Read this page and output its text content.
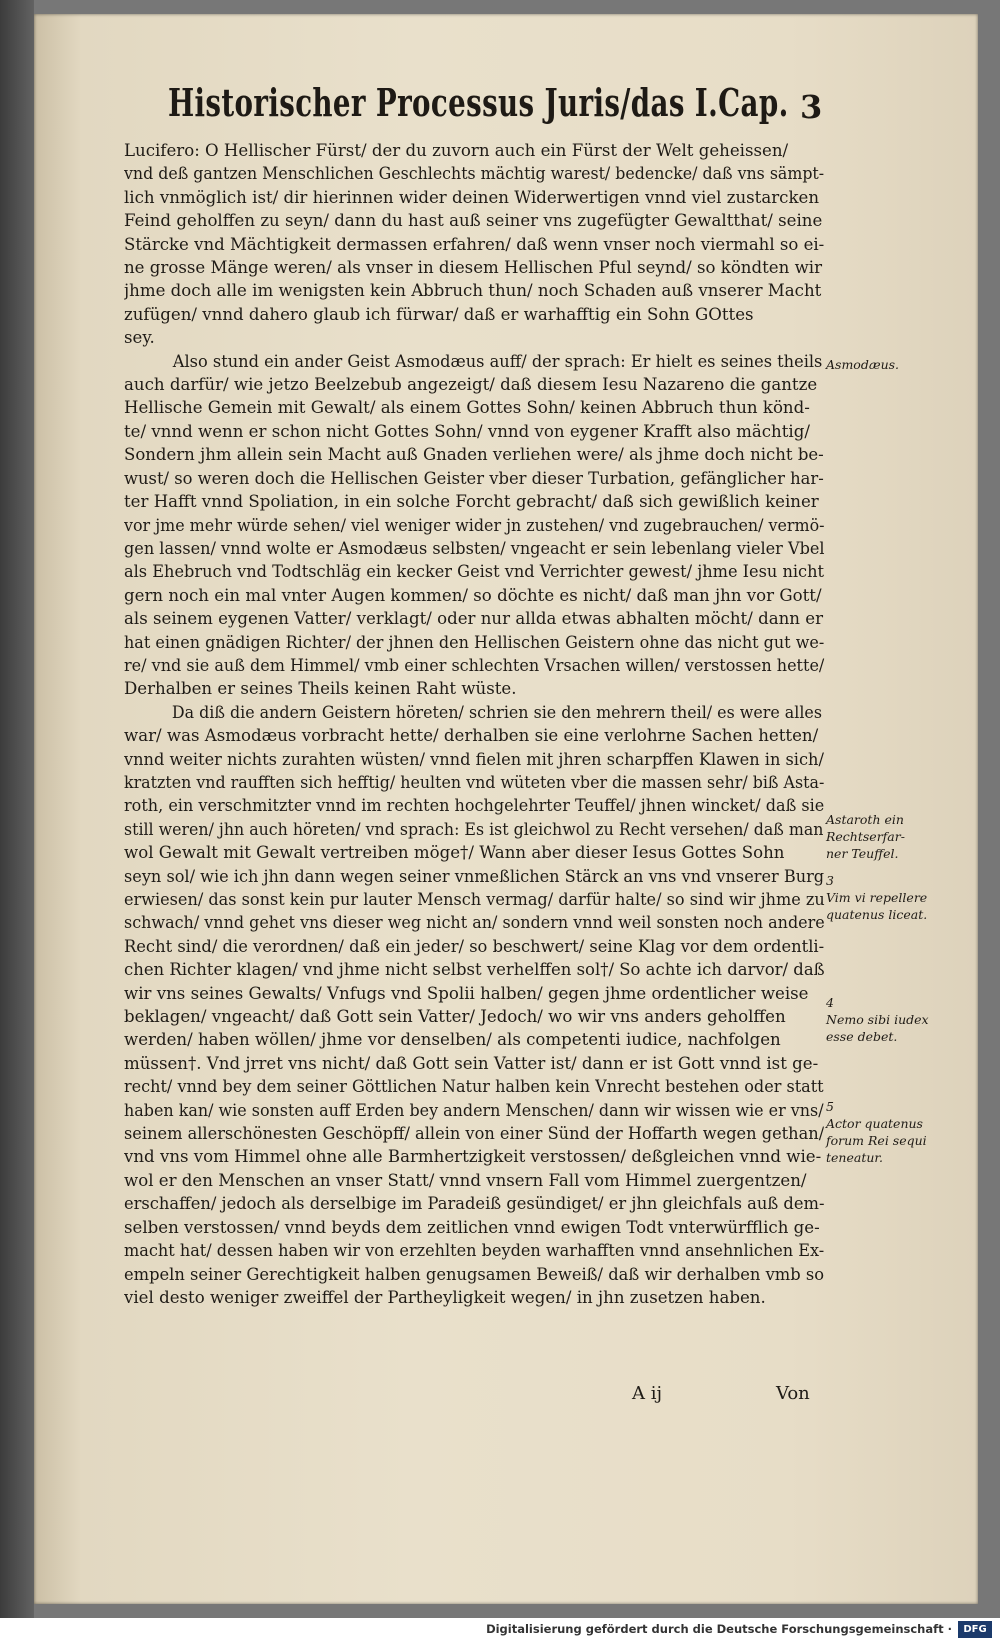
Historischer Processus Juris/das I.Cap. 3
Lucifero: O Hellischer Fürst/ der du zuvorn auch ein Fürst der Welt geheissen/
vnd deß gantzen Menschlichen Geschlechts mächtig warest/ bedencke/ daß vns sämpt-
lich vnmöglich ist/ dir hierinnen wider deinen Widerwertigen vnnd viel zustarcken
Feind geholffen zu seyn/ dann du hast auß seiner vns zugefügter Gewaltthat/ seine
Stärcke vnd Mächtigkeit dermassen erfahren/ daß wenn vnser noch viermahl so ei-
ne grosse Mänge weren/ als vnser in diesem Hellischen Pful seynd/ so köndten wir
jhme doch alle im wenigsten kein Abbruch thun/ noch Schaden auß vnserer Macht
zufügen/ vnnd dahero glaub ich fürwar/ daß er warhafftig ein Sohn GOttes
sey.
Also stund ein ander Geist Asmodæus auff/ der sprach: Er hielt es seines theils
auch darfür/ wie jetzo Beelzebub angezeigt/ daß diesem Iesu Nazareno die gantze
Hellische Gemein mit Gewalt/ als einem Gottes Sohn/ keinen Abbruch thun könd-
te/ vnnd wenn er schon nicht Gottes Sohn/ vnnd von eygener Krafft also mächtig/
Sondern jhm allein sein Macht auß Gnaden verliehen were/ als jhme doch nicht be-
wust/ so weren doch die Hellischen Geister vber dieser Turbation, gefänglicher har-
ter Hafft vnnd Spoliation, in ein solche Forcht gebracht/ daß sich gewißlich keiner
vor jme mehr würde sehen/ viel weniger wider jn zustehen/ vnd zugebrauchen/ vermö-
gen lassen/ vnnd wolte er Asmodæus selbsten/ vngeacht er sein lebenlang vieler Vbel
als Ehebruch vnd Todtschläg ein kecker Geist vnd Verrichter gewest/ jhme Iesu nicht
gern noch ein mal vnter Augen kommen/ so döchte es nicht/ daß man jhn vor Gott/
als seinem eygenen Vatter/ verklagt/ oder nur allda etwas abhalten möcht/ dann er
hat einen gnädigen Richter/ der jhnen den Hellischen Geistern ohne das nicht gut we-
re/ vnd sie auß dem Himmel/ vmb einer schlechten Vrsachen willen/ verstossen hette/
Derhalben er seines Theils keinen Raht wüste.
Da diß die andern Geistern höreten/ schrien sie den mehrern theil/ es were alles
war/ was Asmodæus vorbracht hette/ derhalben sie eine verlohrne Sachen hetten/
vnnd weiter nichts zurahten wüsten/ vnnd fielen mit jhren scharpffen Klawen in sich/
kratzten vnd raufften sich hefftig/ heulten vnd wüteten vber die massen sehr/ biß Asta-
roth, ein verschmitzter vnnd im rechten hochgelehrter Teuffel/ jhnen wincket/ daß sie
still weren/ jhn auch höreten/ vnd sprach: Es ist gleichwol zu Recht versehen/ daß man
wol Gewalt mit Gewalt vertreiben möge†/ Wann aber dieser Iesus Gottes Sohn
seyn sol/ wie ich jhn dann wegen seiner vnmeßlichen Stärck an vns vnd vnserer Burg
erwiesen/ das sonst kein pur lauter Mensch vermag/ darfür halte/ so sind wir jhme zu
schwach/ vnnd gehet vns dieser weg nicht an/ sondern vnnd weil sonsten noch andere
Recht sind/ die verordnen/ daß ein jeder/ so beschwert/ seine Klag vor dem ordentli-
chen Richter klagen/ vnd jhme nicht selbst verhelffen sol†/ So achte ich darvor/ daß
wir vns seines Gewalts/ Vnfugs vnd Spolii halben/ gegen jhme ordentlicher weise
beklagen/ vngeacht/ daß Gott sein Vatter/ Jedoch/ wo wir vns anders geholffen
werden/ haben wöllen/ jhme vor denselben/ als competenti iudice, nachfolgen
müssen†. Vnd jrret vns nicht/ daß Gott sein Vatter ist/ dann er ist Gott vnnd ist ge-
recht/ vnnd bey dem seiner Göttlichen Natur halben kein Vnrecht bestehen oder statt
haben kan/ wie sonsten auff Erden bey andern Menschen/ dann wir wissen wie er vns/
seinem allerschönesten Geschöpff/ allein von einer Sünd der Hoffarth wegen gethan/
vnd vns vom Himmel ohne alle Barmhertzigkeit verstossen/ deßgleichen vnnd wie-
wol er den Menschen an vnser Statt/ vnnd vnsern Fall vom Himmel zuergentzen/
erschaffen/ jedoch als derselbige im Paradeiß gesündiget/ er jhn gleichfals auß dem-
selben verstossen/ vnnd beyds dem zeitlichen vnnd ewigen Todt vnterwürfflich ge-
macht hat/ dessen haben wir von erzehlten beyden warhafften vnnd ansehnlichen Ex-
empeln seiner Gerechtigkeit halben genugsamen Beweiß/ daß wir derhalben vmb so
viel desto weniger zweiffel der Partheyligkeit wegen/ in jhn zusetzen haben.
Asmodæus.
Astaroth ein
Rechtserfar-
ner Teuffel.
3
Vim vi repellere
quatenus liceat.
4
Nemo sibi iudex
esse debet.
5
Actor quatenus
forum Rei sequi
teneatur.
A ij	Von
Digitalisierung gefördert durch die Deutsche Forschungsgemeinschaft ·	DFG
